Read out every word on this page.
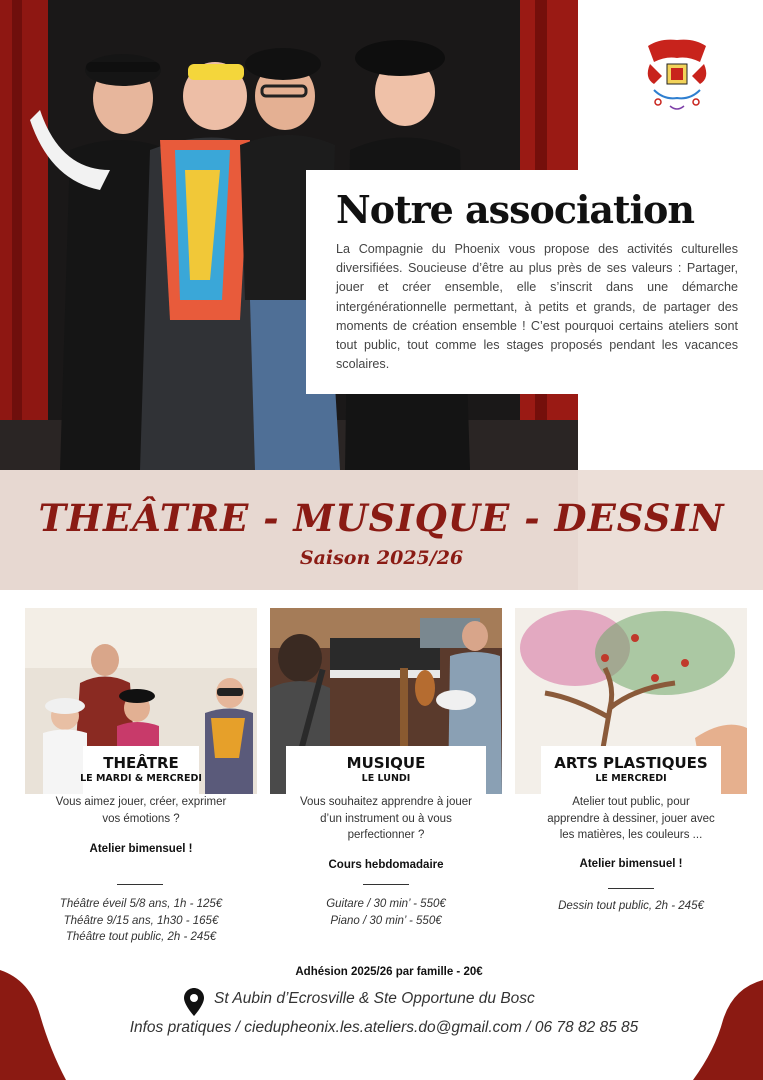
Notre association

La Compagnie du Phoenix vous propose des activités culturelles diversifiées. Soucieuse d’être au plus près de ses valeurs : Partager, jouer et créer ensemble, elle s’inscrit dans une démarche intergénérationnelle permettant, à petits et grands, de partager des moments de création ensemble ! C’est pourquoi certains ateliers sont tout public, tout comme les stages proposés pendant les vacances scolaires.

THEÂTRE - MUSIQUE - DESSIN
Saison 2025/26
THEÂTRE
LE MARDI & MERCREDI
Vous aimez jouer, créer, exprimer
vos émotions ?
Atelier bimensuel !
Théâtre éveil 5/8 ans, 1h - 125€
Théâtre 9/15 ans, 1h30 - 165€
Théâtre tout public, 2h - 245€
MUSIQUE
LE LUNDI
Vous souhaitez apprendre à jouer
d’un instrument ou à vous
perfectionner ?
Cours hebdomadaire
Guitare / 30 min’ - 550€
Piano / 30 min’ - 550€
ARTS PLASTIQUES
LE MERCREDI
Atelier tout public, pour
apprendre à dessiner, jouer avec
les matières, les couleurs ...
Atelier bimensuel !
Dessin tout public, 2h - 245€
Adhésion 2025/26 par famille - 20€
St Aubin d’Ecrosville & Ste Opportune du Bosc
Infos pratiques / ciedupheonix.les.ateliers.do@gmail.com / 06 78 82 85 85
